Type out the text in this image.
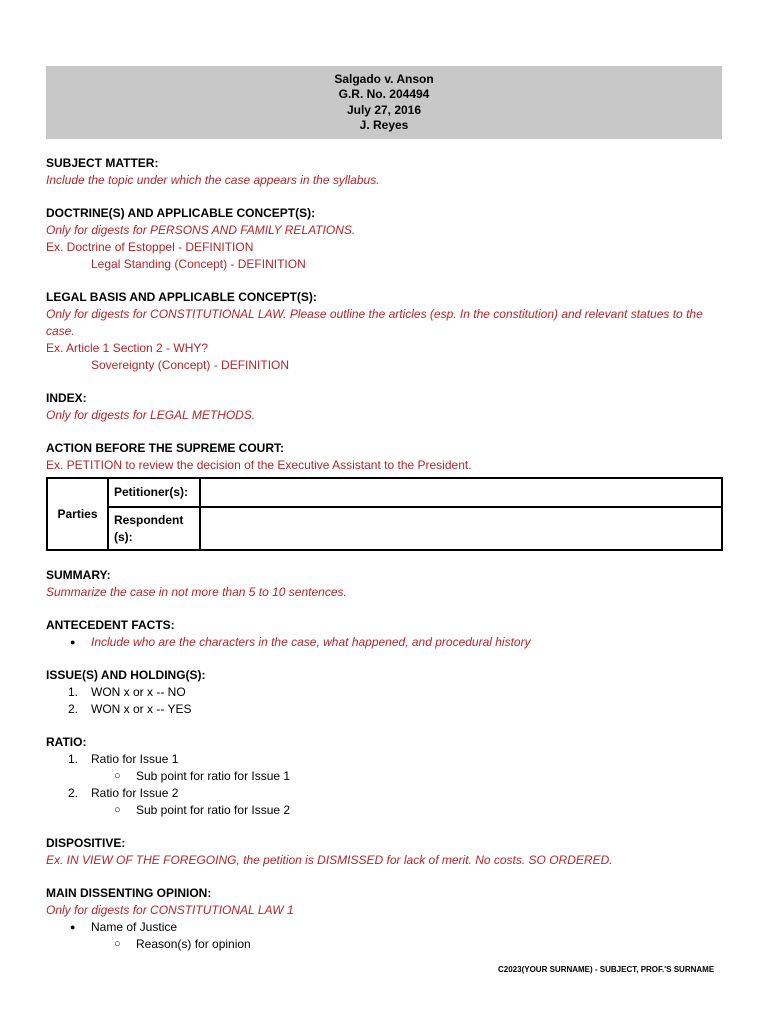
Salgado v. Anson
G.R. No. 204494
July 27, 2016
J. Reyes
SUBJECT MATTER:
Include the topic under which the case appears in the syllabus.
DOCTRINE(S) AND APPLICABLE CONCEPT(S):
Only for digests for PERSONS AND FAMILY RELATIONS.
Ex. Doctrine of Estoppel - DEFINITION
Legal Standing (Concept) - DEFINITION
LEGAL BASIS AND APPLICABLE CONCEPT(S):
Only for digests for CONSTITUTIONAL LAW. Please outline the articles (esp. In the constitution) and relevant statues to the case.
Ex. Article 1 Section 2 - WHY?
Sovereignty (Concept) - DEFINITION
INDEX:
Only for digests for LEGAL METHODS.
ACTION BEFORE THE SUPREME COURT:
Ex. PETITION to review the decision of the Executive Assistant to the President.
Parties	Petitioner(s):	
	Respondent(s):	
SUMMARY:
Summarize the case in not more than 5 to 10 sentences.
ANTECEDENT FACTS:
● Include who are the characters in the case, what happened, and procedural history
ISSUE(S) AND HOLDING(S):
1. WON x or x -- NO
2. WON x or x -- YES
RATIO:
1. Ratio for Issue 1
○ Sub point for ratio for Issue 1
2. Ratio for Issue 2
○ Sub point for ratio for Issue 2
DISPOSITIVE:
Ex. IN VIEW OF THE FOREGOING, the petition is DISMISSED for lack of merit. No costs. SO ORDERED.
MAIN DISSENTING OPINION:
Only for digests for CONSTITUTIONAL LAW 1
● Name of Justice
○ Reason(s) for opinion
C2023(YOUR SURNAME) - SUBJECT, PROF.'S SURNAME
